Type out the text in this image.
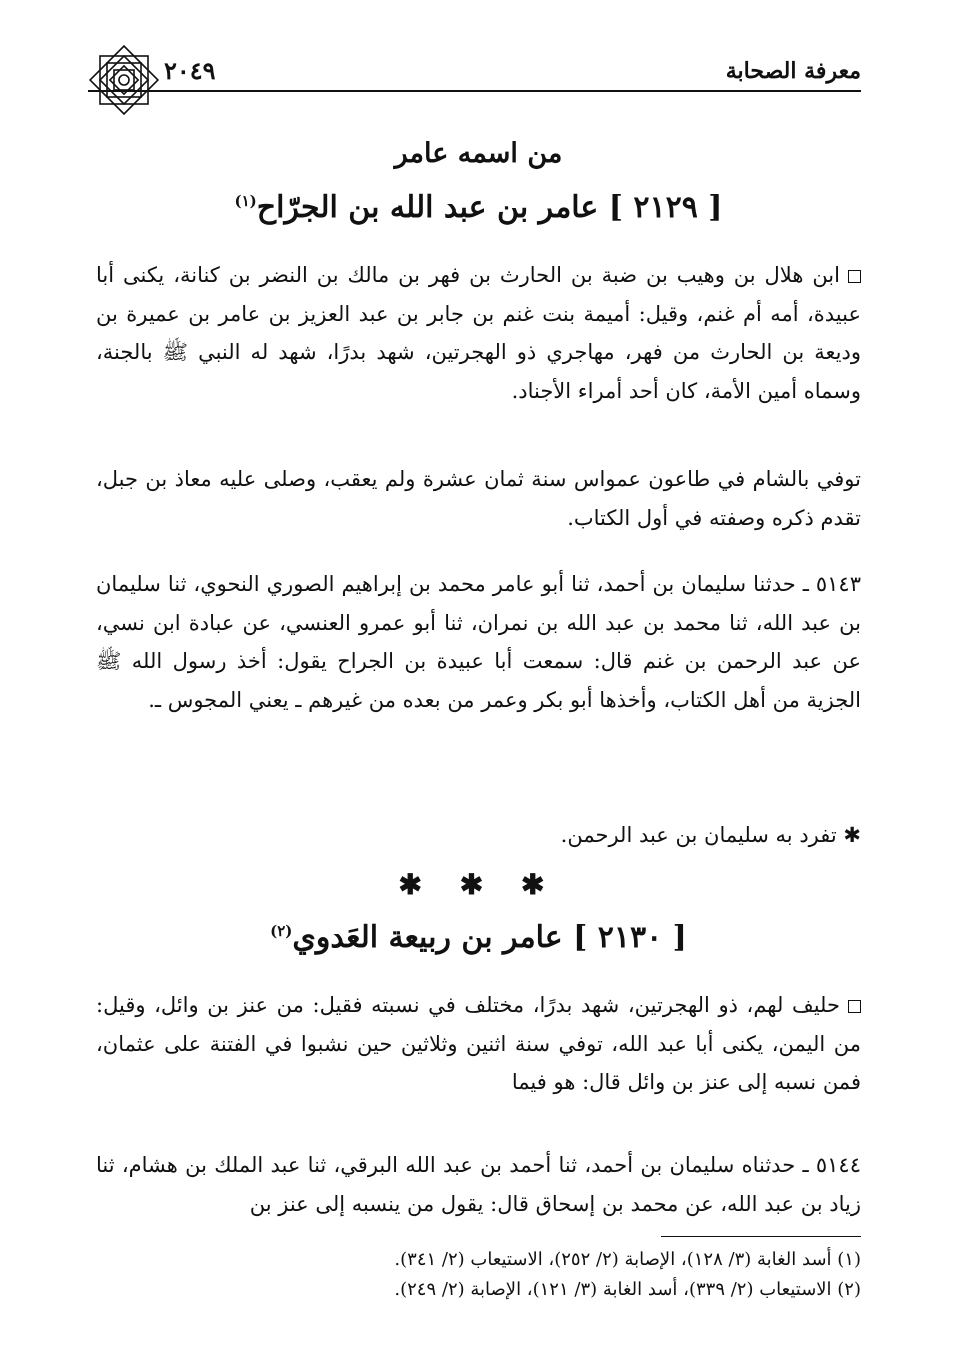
معرفة الصحابة
٢٠٤٩
من اسمه عامر
[ ٢١٢٩ ] عامر بن عبد الله بن الجرّاح$^{(١)}$

ابن هلال بن وهيب بن ضبة بن الحارث بن فهر بن مالك بن النضر بن كنانة، يكنى أبا عبيدة، أمه أم غنم، وقيل: أميمة بنت غنم بن جابر بن عبد العزيز بن عامر بن عميرة بن وديعة بن الحارث من فهر، مهاجري ذو الهجرتين، شهد بدرًا، شهد له النبي ﷺ بالجنة، وسماه أمين الأمة، كان أحد أمراء الأجناد.

توفي بالشام في طاعون عمواس سنة ثمان عشرة ولم يعقب، وصلى عليه معاذ بن جبل، تقدم ذكره وصفته في أول الكتاب.

٥١٤٣ ـ حدثنا سليمان بن أحمد، ثنا أبو عامر محمد بن إبراهيم الصوري النحوي، ثنا سليمان بن عبد الله، ثنا محمد بن عبد الله بن نمران، ثنا أبو عمرو العنسي، عن عبادة ابن نسي، عن عبد الرحمن بن غنم قال: سمعت أبا عبيدة بن الجراح يقول: أخذ رسول الله ﷺ الجزية من أهل الكتاب، وأخذها أبو بكر وعمر من بعده من غيرهم ـ يعني المجوس ـ.

✱ تفرد به سليمان بن عبد الرحمن.

✱ ✱ ✱
[ ٢١٣٠ ] عامر بن ربيعة العَدوي$^{(٢)}$

حليف لهم، ذو الهجرتين، شهد بدرًا، مختلف في نسبته فقيل: من عنز بن وائل، وقيل: من اليمن، يكنى أبا عبد الله، توفي سنة اثنين وثلاثين حين نشبوا في الفتنة على عثمان، فمن نسبه إلى عنز بن وائل قال: هو فيما

٥١٤٤ ـ حدثناه سليمان بن أحمد، ثنا أحمد بن عبد الله البرقي، ثنا عبد الملك بن هشام، ثنا زياد بن عبد الله، عن محمد بن إسحاق قال: يقول من ينسبه إلى عنز بن

(١) أسد الغابة (٣/ ١٢٨)، الإصابة (٢/ ٢٥٢)، الاستيعاب (٢/ ٣٤١).

(٢) الاستيعاب (٢/ ٣٣٩)، أسد الغابة (٣/ ١٢١)، الإصابة (٢/ ٢٤٩).
